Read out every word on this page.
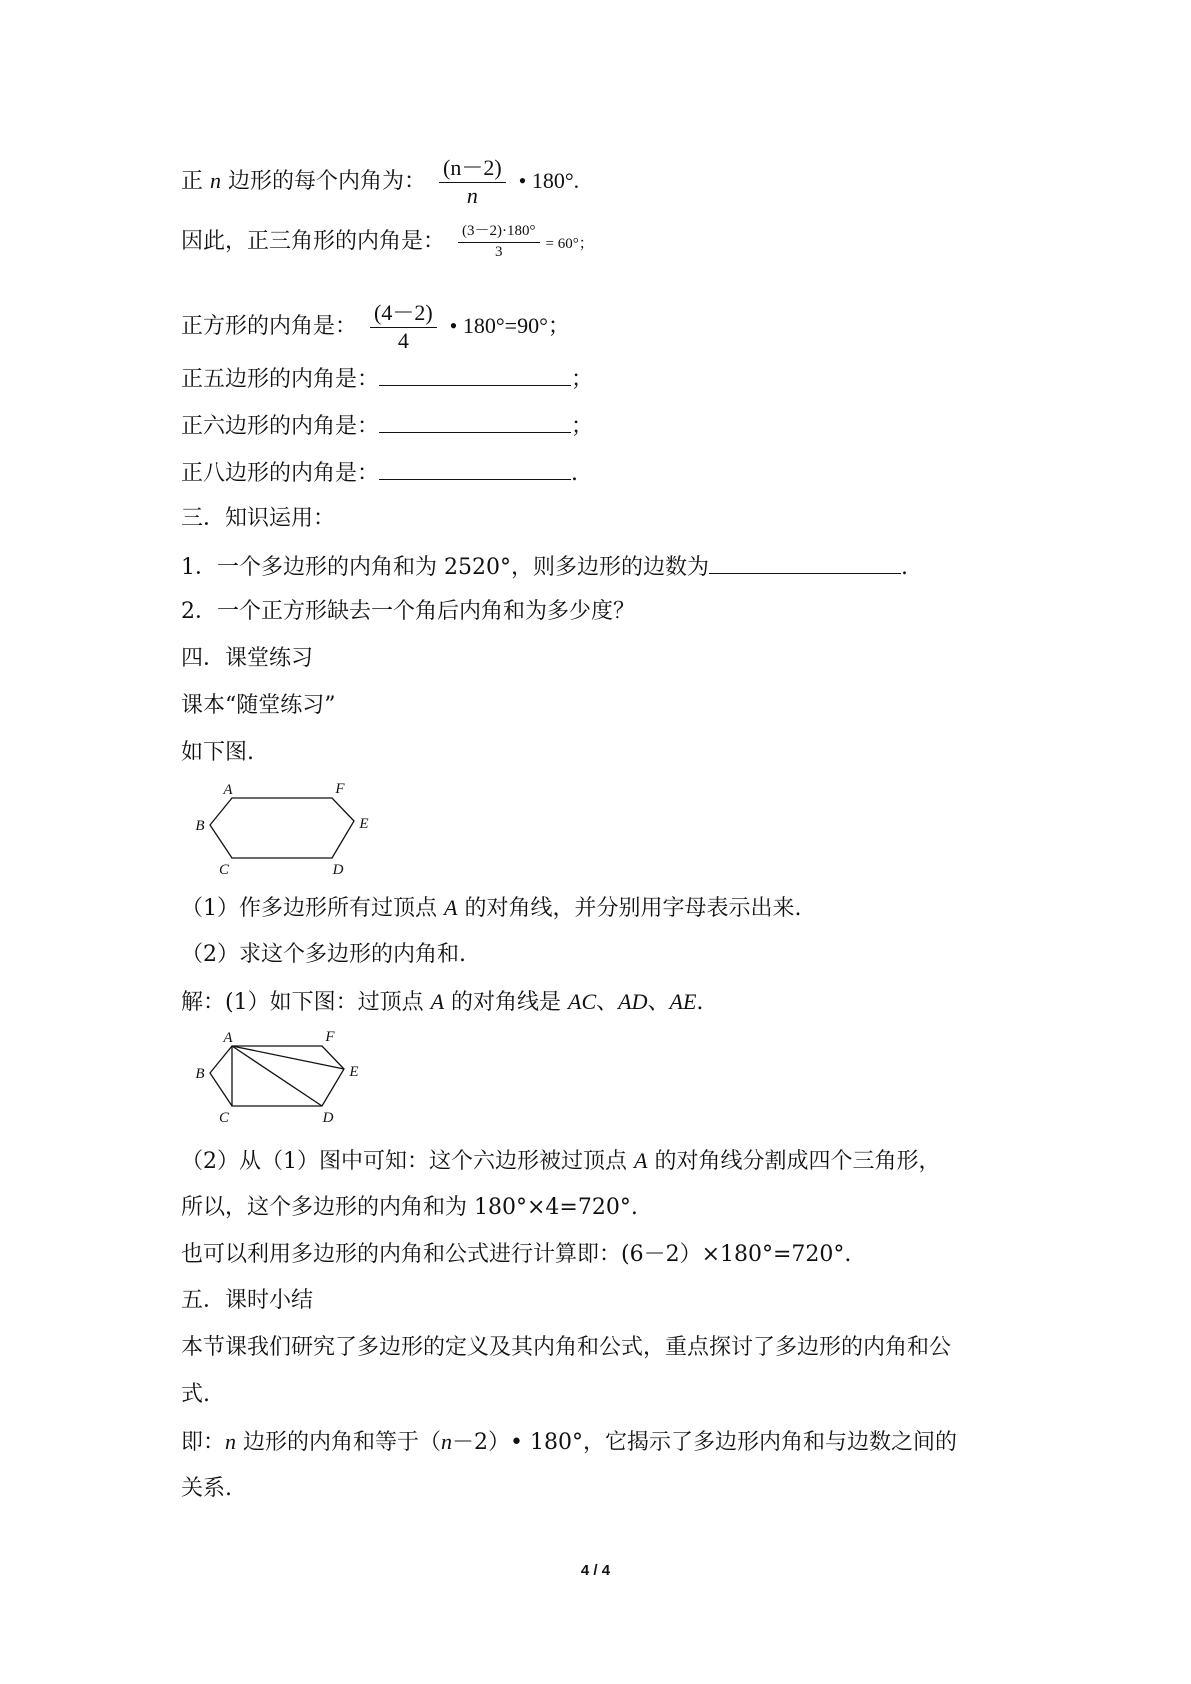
正 n 边形的每个内角为： $\frac{(n-2)}{n}$ • 180°.
因此，正三角形的内角是： $\frac{(3-2)\cdot 180^\circ}{3} = 60^\circ$；
正方形的内角是： $\frac{(4-2)}{4}$ • 180°=90°；
正五边形的内角是：	；
正六边形的内角是：	；
正八边形的内角是：	.
三．知识运用：
1．一个多边形的内角和为 2520°，则多边形的边数为	.
2．一个正方形缺去一个角后内角和为多少度？
四．课堂练习
课本“随堂练习”
如下图.
A	F
B	E
C	D
（1）作多边形所有过顶点 A 的对角线，并分别用字母表示出来.
（2）求这个多边形的内角和.
解：(1）如下图：过顶点 A 的对角线是 AC、AD、AE.
A	F
B	E
C	D
（2）从（1）图中可知：这个六边形被过顶点 A 的对角线分割成四个三角形，
所以，这个多边形的内角和为 180°×4=720°.
也可以利用多边形的内角和公式进行计算即：(6－2）×180°=720°.
五．课时小结
本节课我们研究了多边形的定义及其内角和公式，重点探讨了多边形的内角和公
式.
即：n 边形的内角和等于（n－2）• 180°，它揭示了多边形内角和与边数之间的
关系.
4 / 4
